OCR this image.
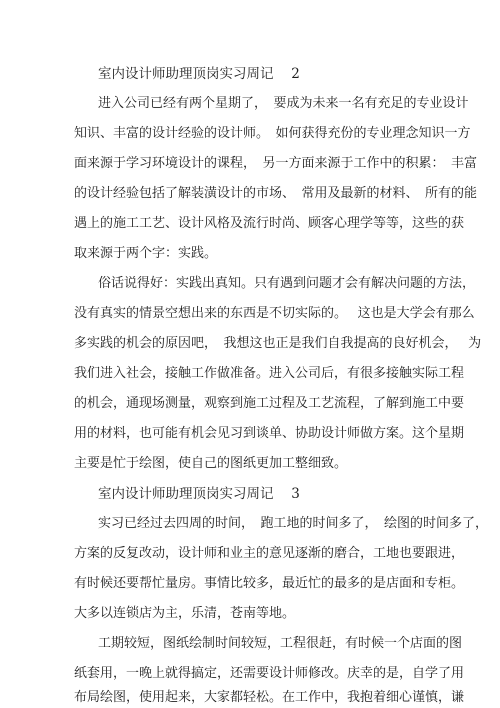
室内设计师助理顶岗实习周记　 2
进入公司已经有两个星期了，　要成为未来一名有充足的专业设计
知识、丰富的设计经验的设计师。　如何获得充份的专业理念知识一方
面来源于学习环境设计的课程，　另一方面来源于工作中的积累：　丰富
的设计经验包括了解装潢设计的市场、　常用及最新的材料、　所有的能
遇上的施工工艺、设计风格及流行时尚、顾客心理学等等，这些的获
取来源于两个字：实践。
俗话说得好：实践出真知。只有遇到问题才会有解决问题的方法，
没有真实的情景空想出来的东西是不切实际的。　 这也是大学会有那么
多实践的机会的原因吧，　我想这也正是我们自我提高的良好机会，　 为
我们进入社会，接触工作做准备。进入公司后，有很多接触实际工程
的机会，通现场测量，观察到施工过程及工艺流程，了解到施工中要
用的材料，也可能有机会见习到谈单、协助设计师做方案。这个星期
主要是忙于绘图，使自己的图纸更加工整细致。
室内设计师助理顶岗实习周记　 3
实习已经过去四周的时间，　跑工地的时间多了，　绘图的时间多了，
方案的反复改动，设计师和业主的意见逐渐的磨合，工地也要跟进，
有时候还要帮忙量房。事情比较多，最近忙的最多的是店面和专柜。
大多以连锁店为主，乐清，苍南等地。
工期较短，图纸绘制时间较短，工程很赶，有时候一个店面的图
纸套用，一晚上就得搞定，还需要设计师修改。庆幸的是，自学了用
布局绘图，使用起来，大家都轻松。在工作中，我抱着细心谨慎，谦
